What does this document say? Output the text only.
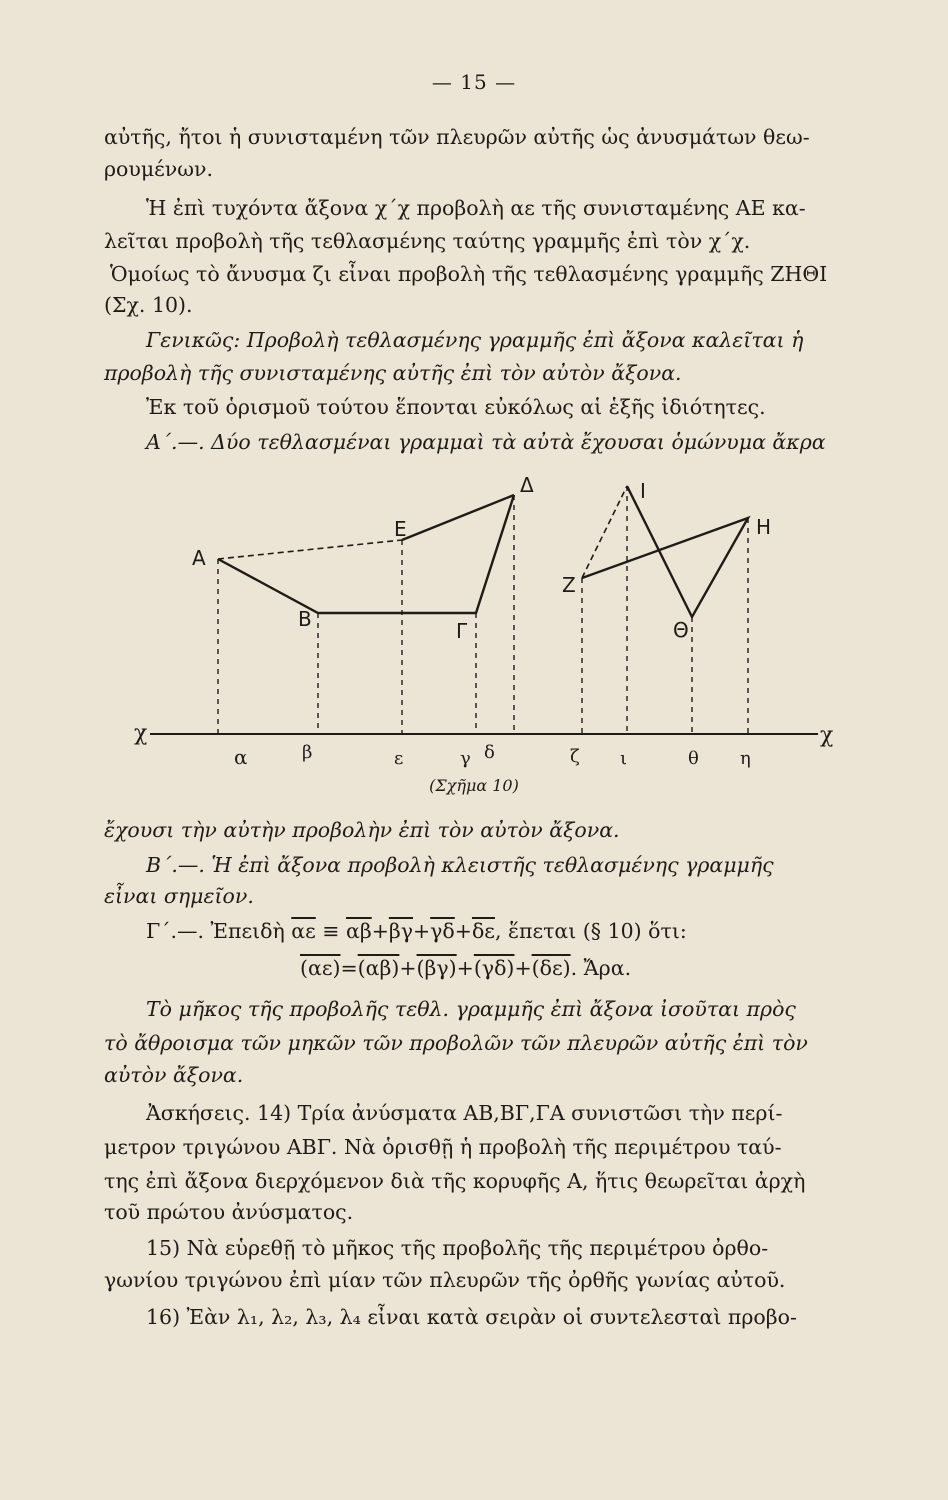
— 15 —
αὐτῆς, ἤτοι ἡ συνισταμένη τῶν πλευρῶν αὐτῆς ὡς ἀνυσμάτων θεω-
ρουμένων.
Ἡ ἐπὶ τυχόντα ἄξονα χ΄χ προβολὴ αε τῆς συνισταμένης ΑΕ κα-
λεῖται προβολὴ τῆς τεθλασμένης ταύτης γραμμῆς ἐπὶ τὸν χ΄χ.
Ὁμοίως τὸ ἄνυσμα ζι εἶναι προβολὴ τῆς τεθλασμένης γραμμῆς ΖΗΘΙ
(Σχ. 10).
Γενικῶς: Προβολὴ τεθλασμένης γραμμῆς ἐπὶ ἄξονα καλεῖται ἡ
προβολὴ τῆς συνισταμένης αὐτῆς ἐπὶ τὸν αὐτὸν ἄξονα.
Ἐκ τοῦ ὁρισμοῦ τούτου ἕπονται εὐκόλως αἱ ἑξῆς ἰδιότητες.
Α΄.—. Δύο τεθλασμέναι γραμμαὶ τὰ αὐτὰ ἔχουσαι ὁμώνυμα ἄκρα
Α
Β	Γ
Δ
Ε
Ζ
Η
Θ
Ι
χ	χ
α	β	ε	γ δ	ζ ι	θ η
(Σχῆμα 10)
ἔχουσι τὴν αὐτὴν προβολὴν ἐπὶ τὸν αὐτὸν ἄξονα.
Β΄.—. Ἡ ἐπὶ ἄξονα προβολὴ κλειστῆς τεθλασμένης γραμμῆς
εἶναι σημεῖον.
Γ΄.—. Ἐπειδὴ $\overline{\alpha\varepsilon} \equiv \overline{\alpha\beta}+\overline{\beta\gamma}+\overline{\gamma\delta}+\overline{\delta\varepsilon}$, ἕπεται (§ 10) ὅτι:
(αε)=(αβ)+(βγ)+(γδ)+(δε). Ἄρα.
Τὸ μῆκος τῆς προβολῆς τεθλ. γραμμῆς ἐπὶ ἄξονα ἰσοῦται πρὸς
τὸ ἄθροισμα τῶν μηκῶν τῶν προβολῶν τῶν πλευρῶν αὐτῆς ἐπὶ τὸν
αὐτὸν ἄξονα.
Ἀσκήσεις. 14) Τρία ἀνύσματα ΑΒ,ΒΓ,ΓΑ συνιστῶσι τὴν περί-
μετρον τριγώνου ΑΒΓ. Νὰ ὁρισθῇ ἡ προβολὴ τῆς περιμέτρου ταύ-
της ἐπὶ ἄξονα διερχόμενον διὰ τῆς κορυφῆς Α, ἥτις θεωρεῖται ἀρχὴ
τοῦ πρώτου ἀνύσματος.
15) Νὰ εὑρεθῇ τὸ μῆκος τῆς προβολῆς τῆς περιμέτρου ὀρθο-
γωνίου τριγώνου ἐπὶ μίαν τῶν πλευρῶν τῆς ὀρθῆς γωνίας αὐτοῦ.
16) Ἐὰν λ₁, λ₂, λ₃, λ₄ εἶναι κατὰ σειρὰν οἱ συντελεσταὶ προβο-
